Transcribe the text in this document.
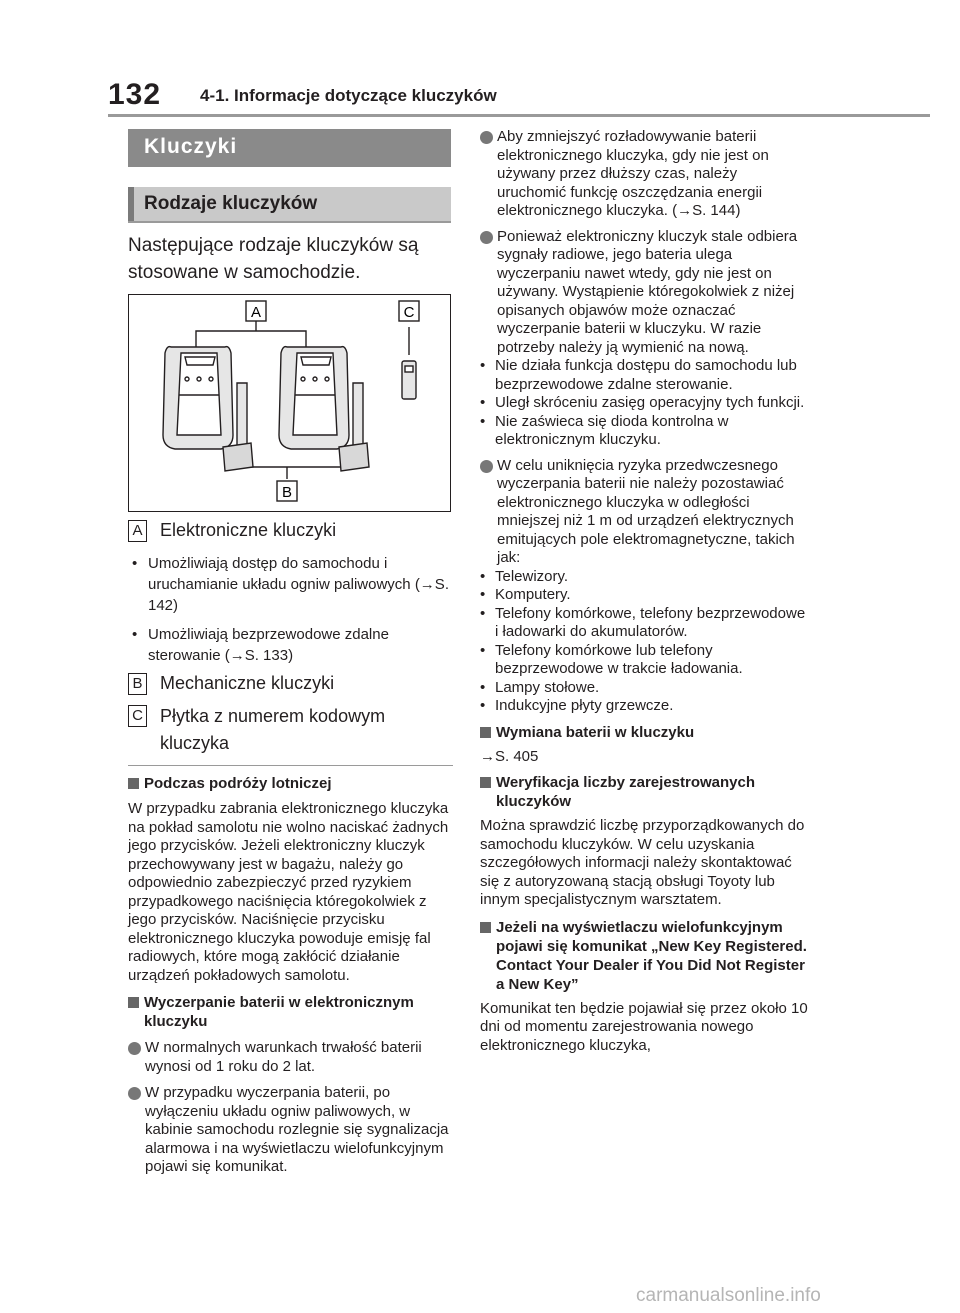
132 4-1. Informacje dotyczące kluczyków
Kluczyki
Rodzaje kluczyków
Następujące rodzaje kluczyków są stosowane w samochodzie.
A	C
B
A Elektroniczne kluczyki
• Umożliwiają dostęp do samochodu i uruchamianie układu ogniw paliwowych (→S. 142)
• Umożliwiają bezprzewodowe zdalne sterowanie (→S. 133)
B Mechaniczne kluczyki
C Płytka z numerem kodowym kluczyka
Podczas podróży lotniczej
W przypadku zabrania elektronicznego kluczyka na pokład samolotu nie wolno naciskać żadnych jego przycisków. Jeżeli elektroniczny kluczyk przechowywany jest w bagażu, należy go odpowiednio zabezpieczyć przed ryzykiem przypadkowego naciśnięcia któregokolwiek z jego przycisków. Naciśnięcie przycisku elektronicznego kluczyka powoduje emisję fal radiowych, które mogą zakłócić działanie urządzeń pokładowych samolotu.
Wyczerpanie baterii w elektronicznym kluczyku
W normalnych warunkach trwałość baterii wynosi od 1 roku do 2 lat.
W przypadku wyczerpania baterii, po wyłączeniu układu ogniw paliwowych, w kabinie samochodu rozlegnie się sygnalizacja alarmowa i na wyświetlaczu wielofunkcyjnym pojawi się komunikat.
Aby zmniejszyć rozładowywanie baterii elektronicznego kluczyka, gdy nie jest on używany przez dłuższy czas, należy uruchomić funkcję oszczędzania energii elektronicznego kluczyka. (→S. 144)
Ponieważ elektroniczny kluczyk stale odbiera sygnały radiowe, jego bateria ulega wyczerpaniu nawet wtedy, gdy nie jest on używany. Wystąpienie któregokolwiek z niżej opisanych objawów może oznaczać wyczerpanie baterii w kluczyku. W razie potrzeby należy ją wymienić na nową.
• Nie działa funkcja dostępu do samochodu lub bezprzewodowe zdalne sterowanie.
• Uległ skróceniu zasięg operacyjny tych funkcji.
• Nie zaświeca się dioda kontrolna w elektronicznym kluczyku.
W celu uniknięcia ryzyka przedwczesnego wyczerpania baterii nie należy pozostawiać elektronicznego kluczyka w odległości mniejszej niż 1 m od urządzeń elektrycznych emitujących pole elektromagnetyczne, takich jak:
• Telewizory.
• Komputery.
• Telefony komórkowe, telefony bezprzewodowe i ładowarki do akumulatorów.
• Telefony komórkowe lub telefony bezprzewodowe w trakcie ładowania.
• Lampy stołowe.
• Indukcyjne płyty grzewcze.
Wymiana baterii w kluczyku
→S. 405
Weryfikacja liczby zarejestrowanych kluczyków
Można sprawdzić liczbę przyporządkowanych do samochodu kluczyków. W celu uzyskania szczegółowych informacji należy skontaktować się z autoryzowaną stacją obsługi Toyoty lub innym specjalistycznym warsztatem.
Jeżeli na wyświetlaczu wielofunkcyjnym pojawi się komunikat „New Key Registered. Contact Your Dealer if You Did Not Register a New Key”
Komunikat ten będzie pojawiał się przez około 10 dni od momentu zarejestrowania nowego elektronicznego kluczyka,
carmanualsonline.info
